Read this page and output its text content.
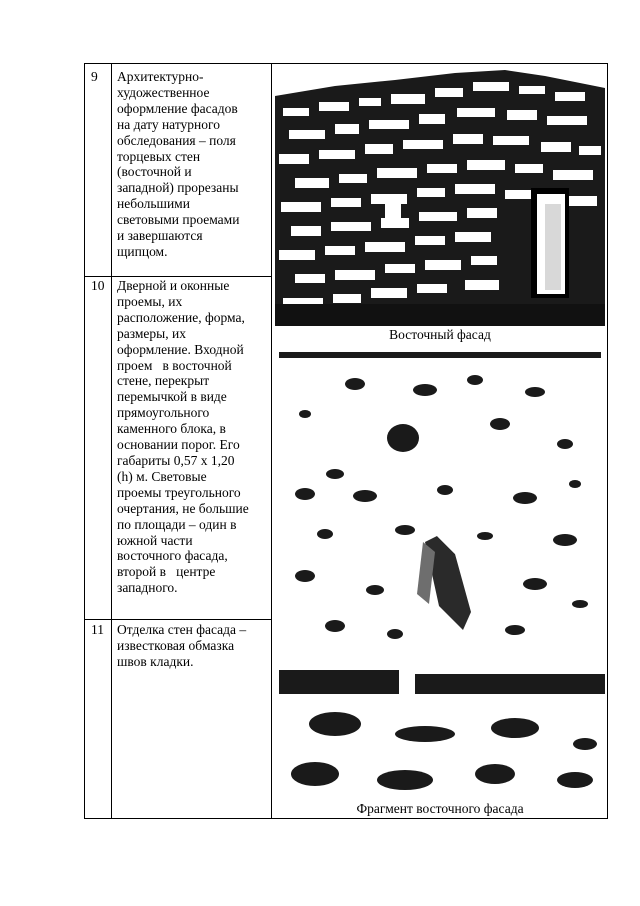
9 Архитектурно-
художественное
оформление фасадов
на дату натурного
обследования – поля
торцевых стен
(восточной и
западной) прорезаны
небольшими
световыми проемами
и завершаются
щипцом.
10 Дверной и оконные
проемы, их
расположение, форма,
размеры, их
оформление. Входной
проем   в восточной
стене, перекрыт
перемычкой в виде
прямоугольного
каменного блока, в
основании порог. Его
габариты 0,57 х 1,20
(h) м. Световые
проемы треугольного
очертания, не большие
по площади – один в
южной части
восточного фасада,
второй в   центре
западного.
11 Отделка стен фасада –
известковая обмазка
швов кладки.
Восточный фасад
Фрагмент восточного фасада
